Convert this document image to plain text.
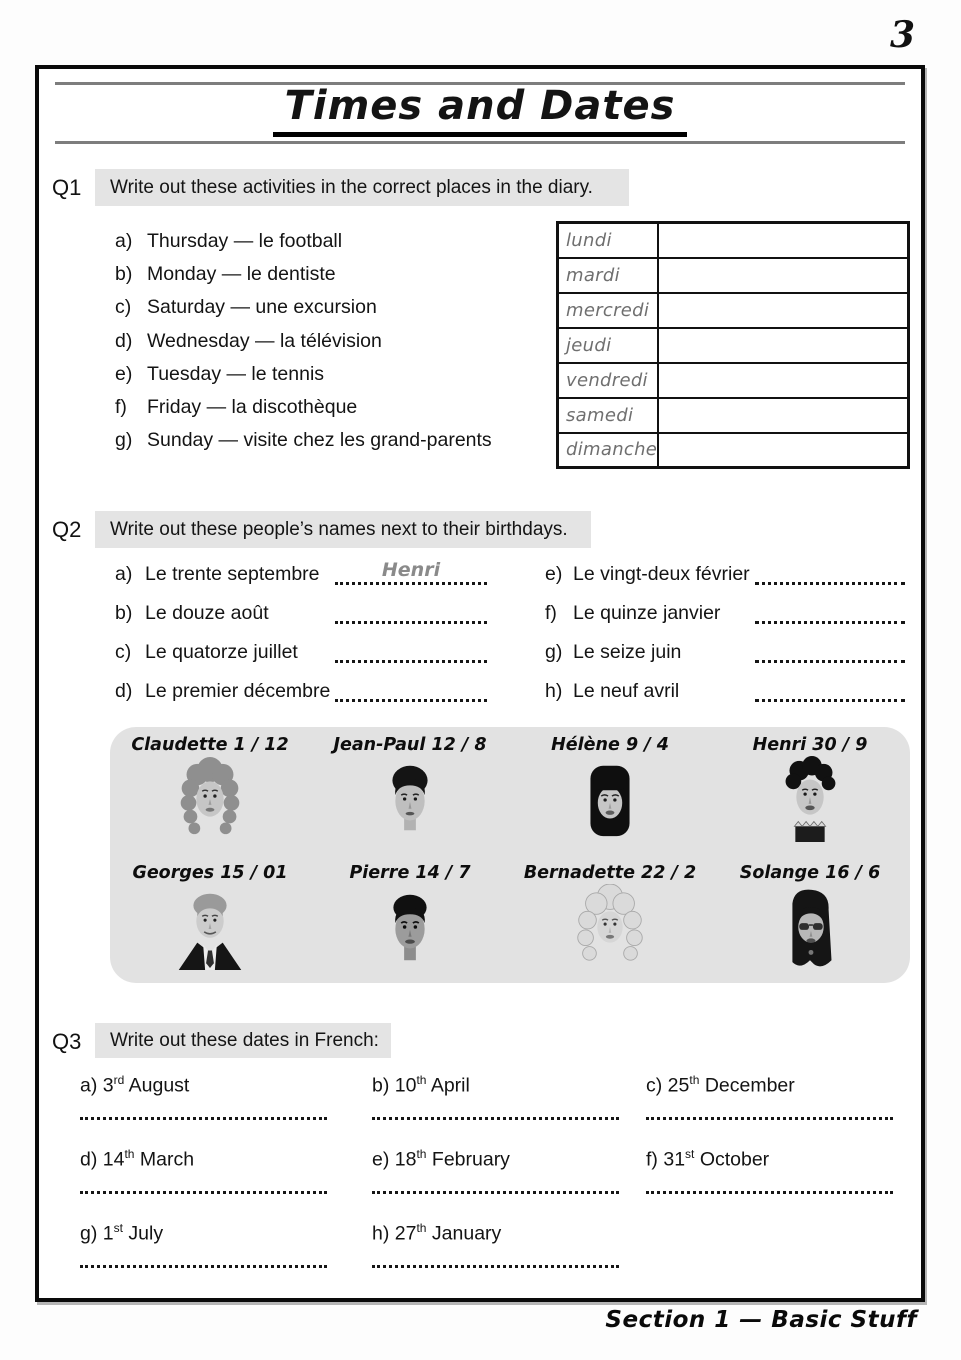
3
Times and Dates
Q1	Write out these activities in the correct places in the diary.
a) Thursday — le football
b) Monday — le dentiste
c) Saturday — une excursion
d) Wednesday — la télévision
e) Tuesday — le tennis
f)	Friday — la discothèque
g) Sunday — visite chez les grand-parents
lundi	
mardi	
mercredi	
jeudi	
vendredi	
samedi	
dimanche	
Q2	Write out these people’s names next to their birthdays.
a) Le trente septembre	Henri
b) Le douze août
c) Le quatorze juillet
d) Le premier décembre
e) Le vingt-deux février
f) Le quinze janvier
g) Le seize juin
h) Le neuf avril
Claudette 1 / 12	Jean-Paul 12 / 8	Hélène 9 / 4	Henri 30 / 9
Georges 15 / 01	Pierre 14 / 7	Bernadette 22 / 2 Solange 16 / 6
Q3	Write out these dates in French:
a) 3rd August	b) 10th April	c) 25th December
d) 14th March	e) 18th February	f) 31st October
g) 1st July	h) 27th January
Section 1 — Basic Stuff
